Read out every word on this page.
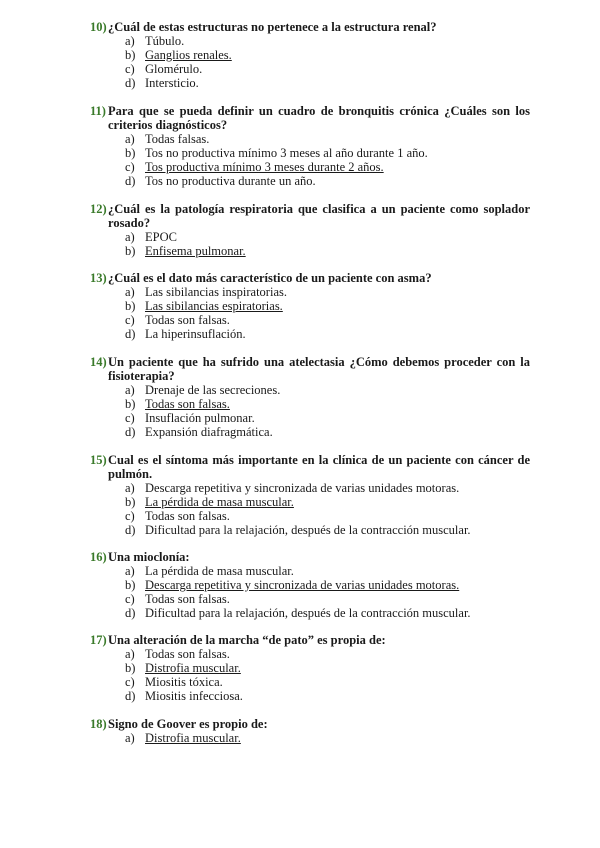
10) ¿Cuál de estas estructuras no pertenece a la estructura renal?
a) Túbulo.
b) Ganglios renales.
c) Glomérulo.
d) Intersticio.
11) Para que se pueda definir un cuadro de bronquitis crónica ¿Cuáles son los criterios diagnósticos?
a) Todas falsas.
b) Tos no productiva mínimo 3 meses al año durante 1 año.
c) Tos productiva mínimo 3 meses durante 2 años.
d) Tos no productiva durante un año.
12) ¿Cuál es la patología respiratoria que clasifica a un paciente como soplador rosado?
a) EPOC
b) Enfisema pulmonar.
13) ¿Cuál es el dato más característico de un paciente con asma?
a) Las sibilancias inspiratorias.
b) Las sibilancias espiratorias.
c) Todas son falsas.
d) La hiperinsuflación.
14) Un paciente que ha sufrido una atelectasia ¿Cómo debemos proceder con la fisioterapia?
a) Drenaje de las secreciones.
b) Todas son falsas.
c) Insuflación pulmonar.
d) Expansión diafragmática.
15) Cual es el síntoma más importante en la clínica de un paciente con cáncer de pulmón.
a) Descarga repetitiva y sincronizada de varias unidades motoras.
b) La pérdida de masa muscular.
c) Todas son falsas.
d) Dificultad para la relajación, después de la contracción muscular.
16) Una mioclonía:
a) La pérdida de masa muscular.
b) Descarga repetitiva y sincronizada de varias unidades motoras.
c) Todas son falsas.
d) Dificultad para la relajación, después de la contracción muscular.
17) Una alteración de la marcha “de pato” es propia de:
a) Todas son falsas.
b) Distrofia muscular.
c) Miositis tóxica.
d) Miositis infecciosa.
18) Signo de Goover es propio de:
a) Distrofia muscular.
